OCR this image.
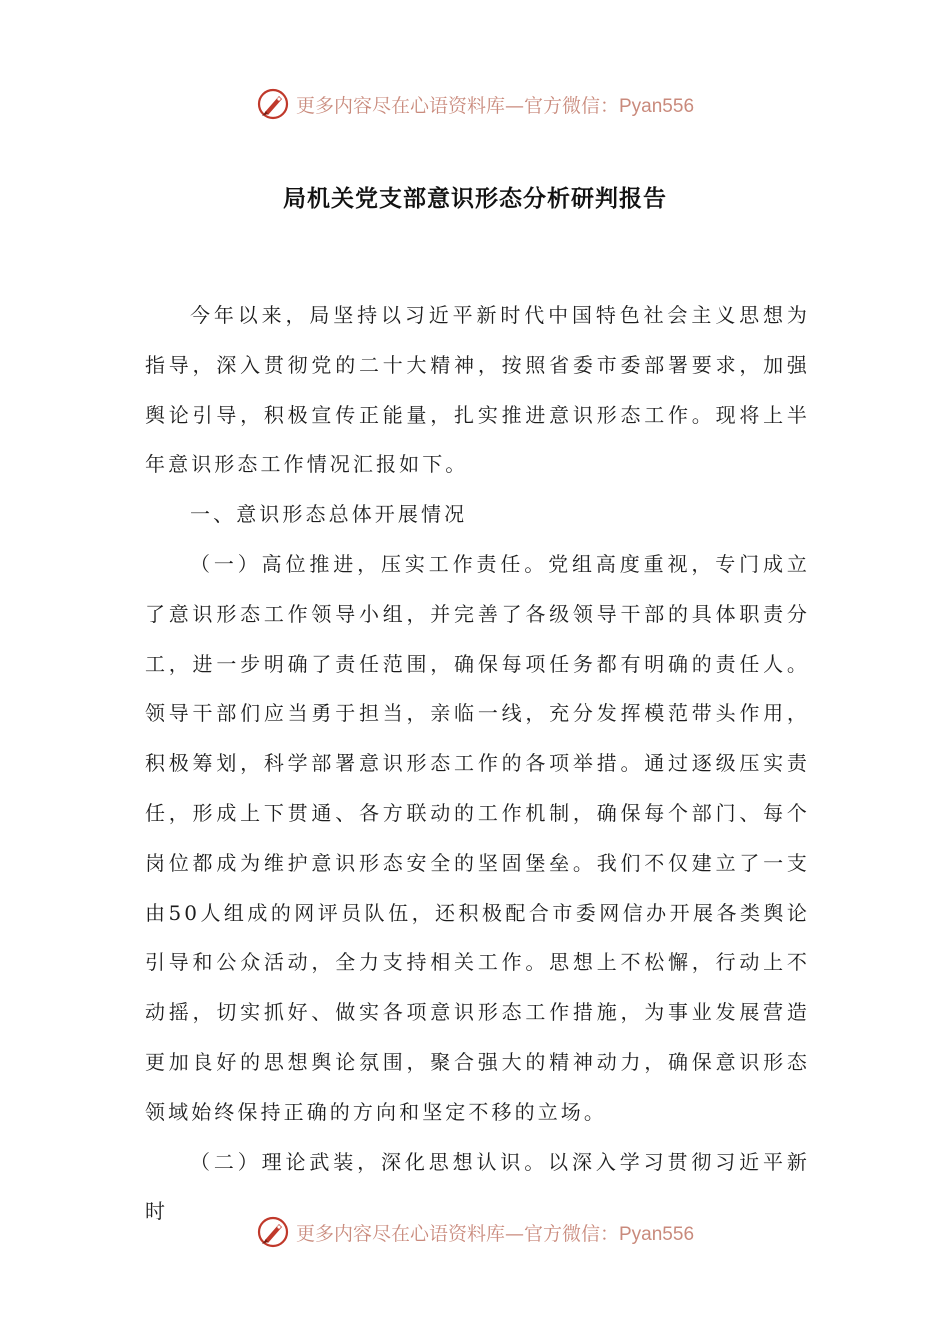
更多内容尽在心语资料库—官方微信：Pyan556
局机关党支部意识形态分析研判报告

今年以来，局坚持以习近平新时代中国特色社会主义思想为指导，深入贯彻党的二十大精神，按照省委市委部署要求，加强舆论引导，积极宣传正能量，扎实推进意识形态工作。现将上半年意识形态工作情况汇报如下。

一、意识形态总体开展情况

（一）高位推进，压实工作责任。党组高度重视，专门成立了意识形态工作领导小组，并完善了各级领导干部的具体职责分工，进一步明确了责任范围，确保每项任务都有明确的责任人。领导干部们应当勇于担当，亲临一线，充分发挥模范带头作用，积极筹划，科学部署意识形态工作的各项举措。通过逐级压实责任，形成上下贯通、各方联动的工作机制，确保每个部门、每个岗位都成为维护意识形态安全的坚固堡垒。我们不仅建立了一支由50人组成的网评员队伍，还积极配合市委网信办开展各类舆论引导和公众活动，全力支持相关工作。思想上不松懈，行动上不动摇，切实抓好、做实各项意识形态工作措施，为事业发展营造更加良好的思想舆论氛围，聚合强大的精神动力，确保意识形态领域始终保持正确的方向和坚定不移的立场。

（二）理论武装，深化思想认识。以深入学习贯彻习近平新时

更多内容尽在心语资料库—官方微信：Pyan556
